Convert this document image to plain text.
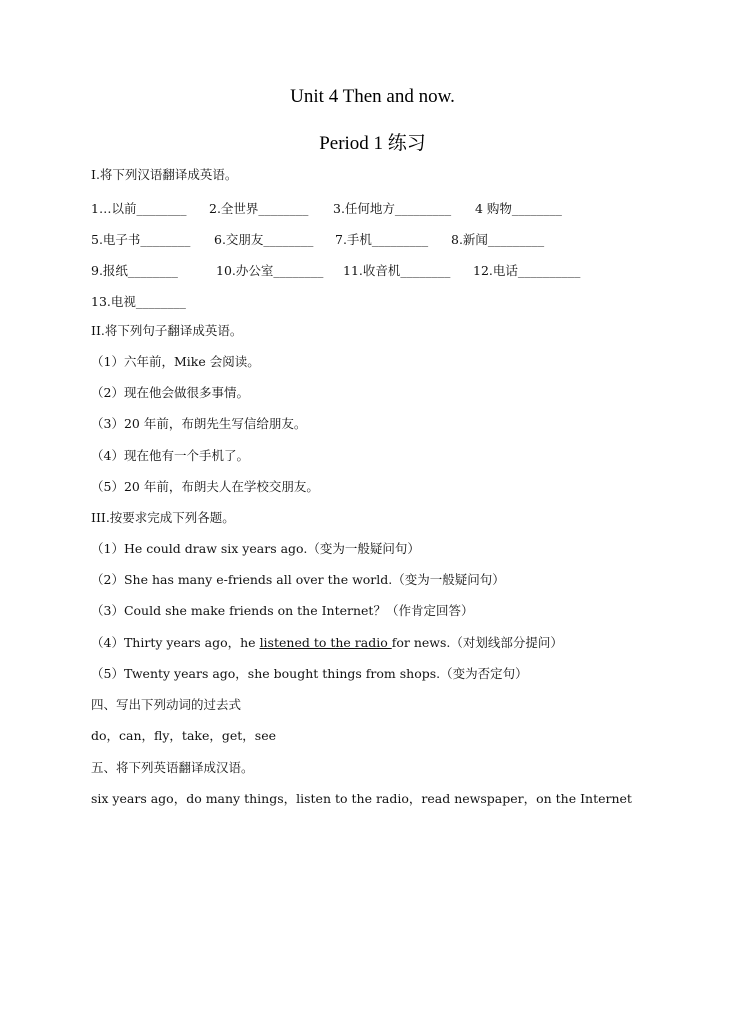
Unit 4 Then and now.
Period 1 练习
I.将下列汉语翻译成英语。
1…以前________ 2.全世界________ 3.任何地方_________ 4 购物________
5.电子书________ 6.交朋友________ 7.手机_________ 8.新闻_________
9.报纸________	10.办公室________ 11.收音机________ 12.电话__________
13.电视________
II.将下列句子翻译成英语。
（1）六年前，Mike 会阅读。
（2）现在他会做很多事情。
（3）20 年前，布朗先生写信给朋友。
（4）现在他有一个手机了。
（5）20 年前，布朗夫人在学校交朋友。
III.按要求完成下列各题。
（1）He could draw six years ago.（变为一般疑问句）
（2）She has many e-friends all over the world.（变为一般疑问句）
（3）Could she make friends on the Internet？（作肯定回答）
（4）Thirty years ago，he listened to the radio for news.（对划线部分提问）
（5）Twenty years ago，she bought things from shops.（变为否定句）
四、写出下列动词的过去式
do，can，fly，take，get，see
五、将下列英语翻译成汉语。
six years ago，do many things，listen to the radio，read newspaper，on the Internet
